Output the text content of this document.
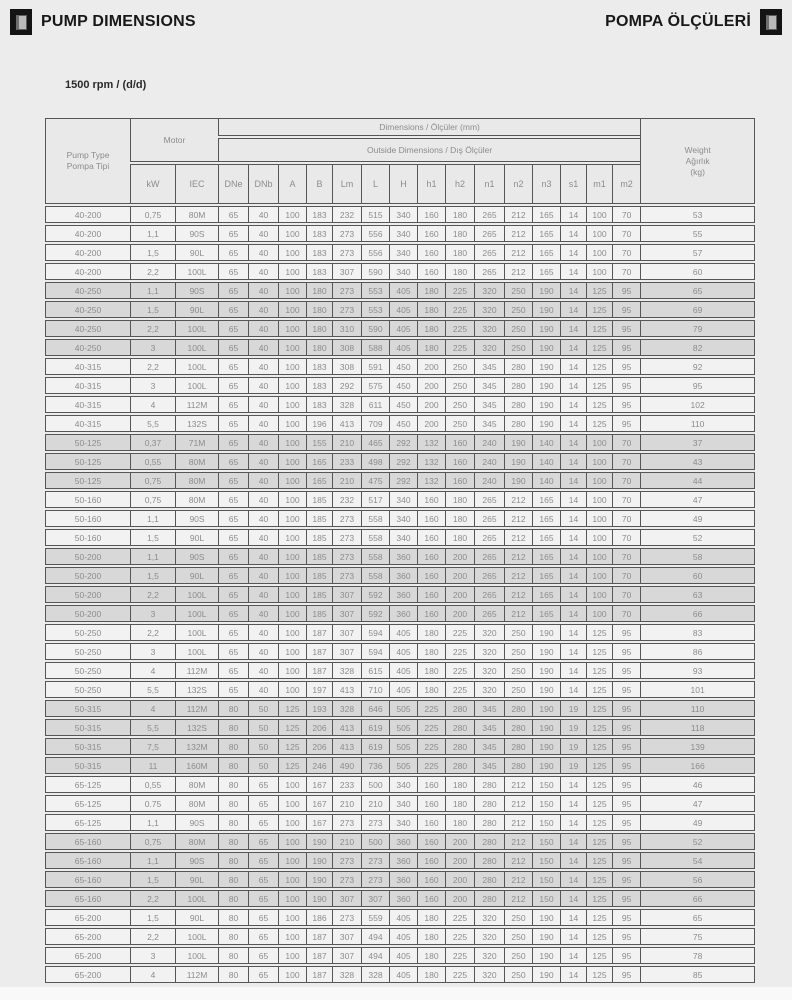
PUMP DIMENSIONS	POMPA ÖLÇÜLERİ
1500 rpm / (d/d)
Pump Type
Pompa Tipi
	Motor	Dimensions / Ölçüler (mm)	
Weight
Ağırlık
(kg)

			Outside Dimensions / Dış Ölçüler															
	kW	IEC	DNe	DNb	A	B	Lm	L	H	h1	h2	n1	n2	n3	s1	m1	m2	
40-200	0,75	80M	65	40	100	183	232	515	340	160	180	265	212	165	14	100	70	53
40-200	1,1	90S	65	40	100	183	273	556	340	160	180	265	212	165	14	100	70	55
40-200	1,5	90L	65	40	100	183	273	556	340	160	180	265	212	165	14	100	70	57
40-200	2,2	100L	65	40	100	183	307	590	340	160	180	265	212	165	14	100	70	60
40-250	1,1	90S	65	40	100	180	273	553	405	180	225	320	250	190	14	125	95	65
40-250	1,5	90L	65	40	100	180	273	553	405	180	225	320	250	190	14	125	95	69
40-250	2,2	100L	65	40	100	180	310	590	405	180	225	320	250	190	14	125	95	79
40-250	3	100L	65	40	100	180	308	588	405	180	225	320	250	190	14	125	95	82
40-315	2,2	100L	65	40	100	183	308	591	450	200	250	345	280	190	14	125	95	92
40-315	3	100L	65	40	100	183	292	575	450	200	250	345	280	190	14	125	95	95
40-315	4	112M	65	40	100	183	328	611	450	200	250	345	280	190	14	125	95	102
40-315	5,5	132S	65	40	100	196	413	709	450	200	250	345	280	190	14	125	95	110
50-125	0,37	71M	65	40	100	155	210	465	292	132	160	240	190	140	14	100	70	37
50-125	0,55	80M	65	40	100	165	233	498	292	132	160	240	190	140	14	100	70	43
50-125	0,75	80M	65	40	100	165	210	475	292	132	160	240	190	140	14	100	70	44
50-160	0,75	80M	65	40	100	185	232	517	340	160	180	265	212	165	14	100	70	47
50-160	1,1	90S	65	40	100	185	273	558	340	160	180	265	212	165	14	100	70	49
50-160	1,5	90L	65	40	100	185	273	558	340	160	180	265	212	165	14	100	70	52
50-200	1,1	90S	65	40	100	185	273	558	360	160	200	265	212	165	14	100	70	58
50-200	1,5	90L	65	40	100	185	273	558	360	160	200	265	212	165	14	100	70	60
50-200	2,2	100L	65	40	100	185	307	592	360	160	200	265	212	165	14	100	70	63
50-200	3	100L	65	40	100	185	307	592	360	160	200	265	212	165	14	100	70	66
50-250	2,2	100L	65	40	100	187	307	594	405	180	225	320	250	190	14	125	95	83
50-250	3	100L	65	40	100	187	307	594	405	180	225	320	250	190	14	125	95	86
50-250	4	112M	65	40	100	187	328	615	405	180	225	320	250	190	14	125	95	93
50-250	5,5	132S	65	40	100	197	413	710	405	180	225	320	250	190	14	125	95	101
50-315	4	112M	80	50	125	193	328	646	505	225	280	345	280	190	19	125	95	110
50-315	5,5	132S	80	50	125	206	413	619	505	225	280	345	280	190	19	125	95	118
50-315	7,5	132M	80	50	125	206	413	619	505	225	280	345	280	190	19	125	95	139
50-315	11	160M	80	50	125	246	490	736	505	225	280	345	280	190	19	125	95	166
65-125	0,55	80M	80	65	100	167	233	500	340	160	180	280	212	150	14	125	95	46
65-125	0.75	80M	80	65	100	167	210	210	340	160	180	280	212	150	14	125	95	47
65-125	1,1	90S	80	65	100	167	273	273	340	160	180	280	212	150	14	125	95	49
65-160	0,75	80M	80	65	100	190	210	500	360	160	200	280	212	150	14	125	95	52
65-160	1,1	90S	80	65	100	190	273	273	360	160	200	280	212	150	14	125	95	54
65-160	1,5	90L	80	65	100	190	273	273	360	160	200	280	212	150	14	125	95	56
65-160	2,2	100L	80	65	100	190	307	307	360	160	200	280	212	150	14	125	95	66
65-200	1,5	90L	80	65	100	186	273	559	405	180	225	320	250	190	14	125	95	65
65-200	2,2	100L	80	65	100	187	307	494	405	180	225	320	250	190	14	125	95	75
65-200	3	100L	80	65	100	187	307	494	405	180	225	320	250	190	14	125	95	78
65-200	4	112M	80	65	100	187	328	328	405	180	225	320	250	190	14	125	95	85
